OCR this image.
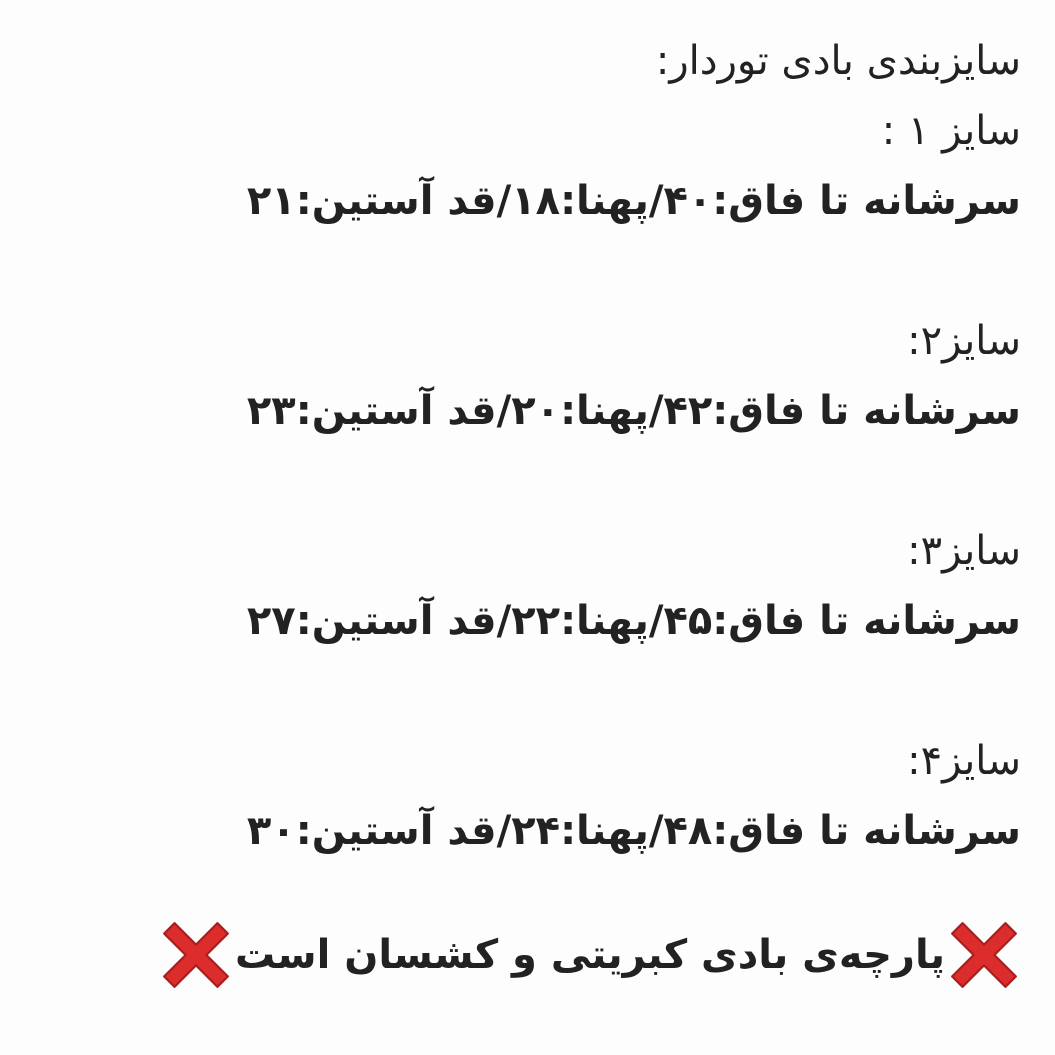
سایزبندی بادی توردار:
سایز ۱ :
سرشانه تا فاق:۴۰/پهنا:۱۸/قد آستین:۲۱
سایز۲:
سرشانه تا فاق:۴۲/پهنا:۲۰/قد آستین:۲۳
سایز۳:
سرشانه تا فاق:۴۵/پهنا:۲۲/قد آستین:۲۷
سایز۴:
سرشانه تا فاق:۴۸/پهنا:۲۴/قد آستین:۳۰
پارچه‌ی بادی کبریتی و کشسان است
